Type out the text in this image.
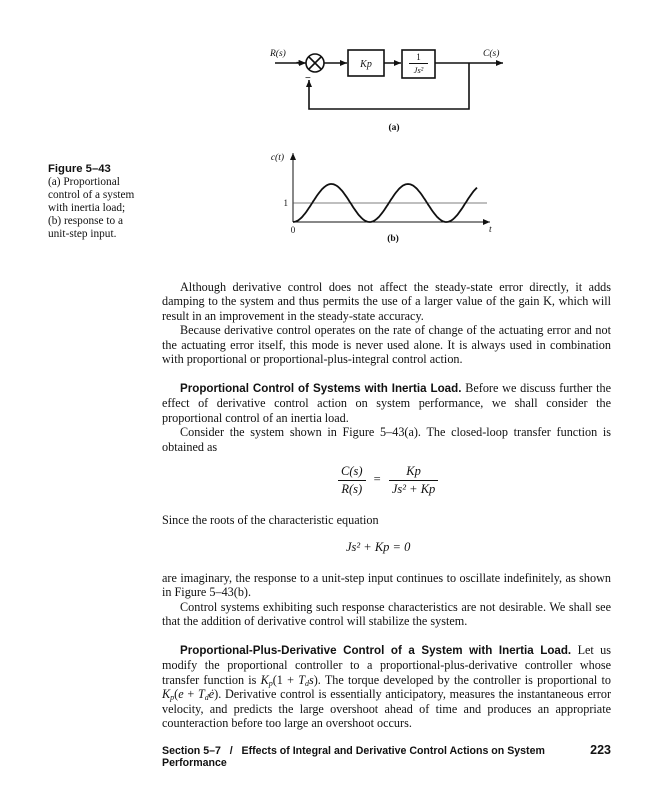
R(s)	C(s)
+
−
Kp
1
Js²
(a)
c(t)
1
0	t
(b)
Figure 5–43
(a) Proportional
control of a system
with inertia load;
(b) response to a
unit-step input.

Although derivative control does not affect the steady-state error directly, it adds damping to the system and thus permits the use of a larger value of the gain K, which will result in an improvement in the steady-state accuracy.

Because derivative control operates on the rate of change of the actuating error and not the actuating error itself, this mode is never used alone. It is always used in combination with proportional or proportional-plus-integral control action.

Proportional Control of Systems with Inertia Load. Before we discuss further the effect of derivative control action on system performance, we shall consider the proportional control of an inertia load.

Consider the system shown in Figure 5–43(a). The closed-loop transfer function is obtained as

$\frac{C(s)}{R(s)} = \frac{Kp}{\text{Js² + Kp}}$

Since the roots of the characteristic equation

Js² + Kp = 0

are imaginary, the response to a unit-step input continues to oscillate indefinitely, as shown in Figure 5–43(b).

Control systems exhibiting such response characteristics are not desirable. We shall see that the addition of derivative control will stabilize the system.

Proportional-Plus-Derivative Control of a System with Inertia Load. Let us modify the proportional controller to a proportional-plus-derivative controller whose transfer function is $K_p(1 + T_ds)$. The torque developed by the controller is proportional to $K_p(e$ + $T_dė$). Derivative control is essentially anticipatory, measures the instantaneous error velocity, and predicts the large overshoot ahead of time and produces an appropriate counteraction before too large an overshoot occurs.

Section 5–7 / Effects of Integral and Derivative Control Actions on System Performance
223
